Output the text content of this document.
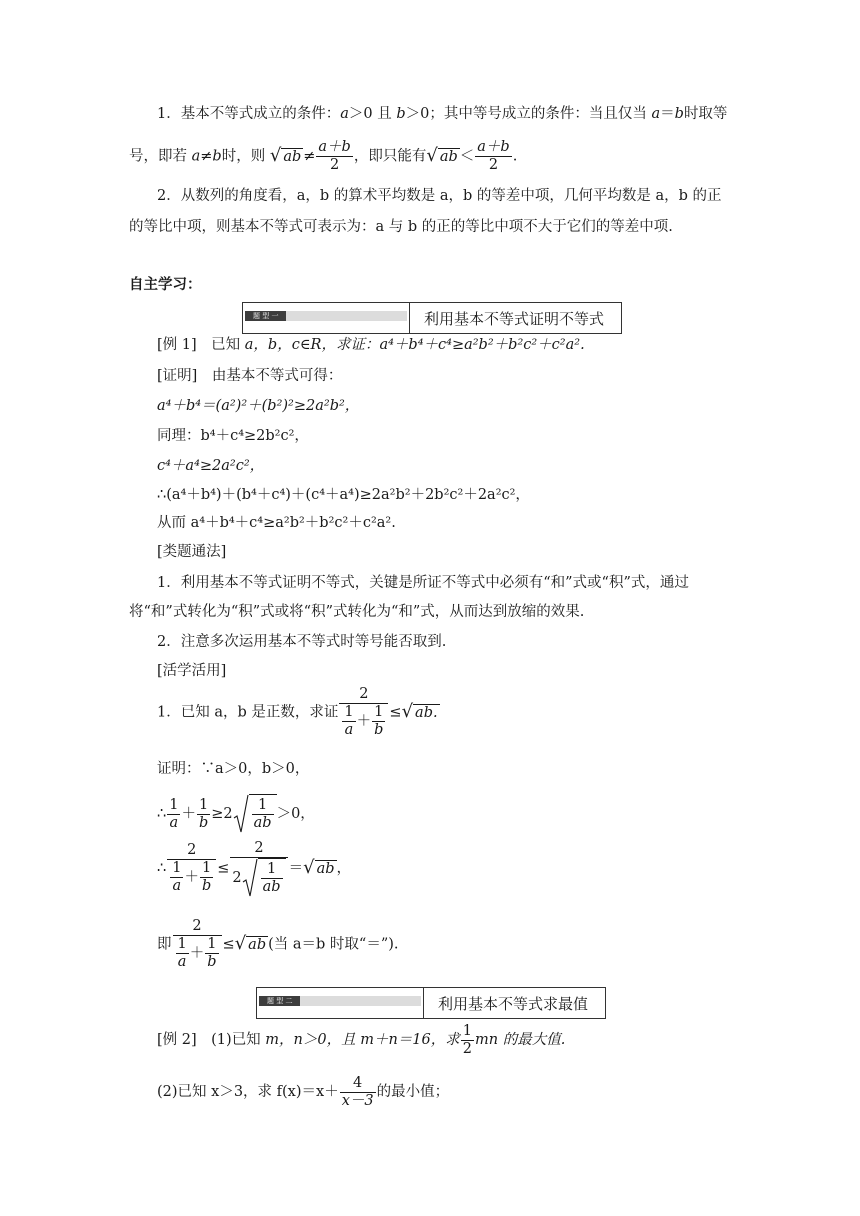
1．基本不等式成立的条件：a＞0 且 b＞0；其中等号成立的条件：当且仅当 a＝b时取等
号，即若 a≠b时，则 √ ab ≠ $\frac{a+b}{2}$ ，即只能有√ ab ＜ $\frac{a+b}{2}$ .
2．从数列的角度看，a，b 的算术平均数是 a，b 的等差中项，几何平均数是 a，b 的正
的等比中项，则基本不等式可表示为：a 与 b 的正的等比中项不大于它们的等差中项.
自主学习：
题 型 一	利用基本不等式证明不等式
[例 1]　已知 a，b，c∈R，求证：a⁴＋b⁴＋c⁴≥a²b²＋b²c²＋c²a².
[证明]　由基本不等式可得：
a⁴＋b⁴＝(a²)²＋(b²)²≥2a²b²，
同理：b⁴＋c⁴≥2b²c²，
c⁴＋a⁴≥2a²c²，
∴(a⁴＋b⁴)＋(b⁴＋c⁴)＋(c⁴＋a⁴)≥2a²b²＋2b²c²＋2a²c²，
从而 a⁴＋b⁴＋c⁴≥a²b²＋b²c²＋c²a².
[类题通法]
1．利用基本不等式证明不等式，关键是所证不等式中必须有“和”式或“积”式，通过
将“和”式转化为“积”式或将“积”式转化为“和”式，从而达到放缩的效果.
2．注意多次运用基本不等式时等号能否取到.
[活学活用]
1．已知 a，b 是正数，求证 $\frac{2}{\frac{1}{a} + \frac{1}{b}}$ ≤√ ab.
证明：∵a＞0，b＞0，
∴ $\frac{1}{a} + \frac{1}{b} \ge 2 \frac{1}{ab} >0$，
∴ $\frac{2}{\frac{1}{a} + \frac{1}{b}} \le \frac{2}{2 \frac{1}{ab}}$ ＝√ ab ，
即 $\frac{2}{\frac{1}{a} + \frac{1}{b}}$ ≤√ ab (当 a＝b 时取“＝”).
题 型 二	利用基本不等式求最值
[例 2]　(1)已知 m，n＞0，且 m＋n＝16，求 $\frac{1}{2}$ mn 的最大值.
(2)已知 x＞3，求 $f(x)=x+ \frac{4}{x-3}$ 的最小值；
